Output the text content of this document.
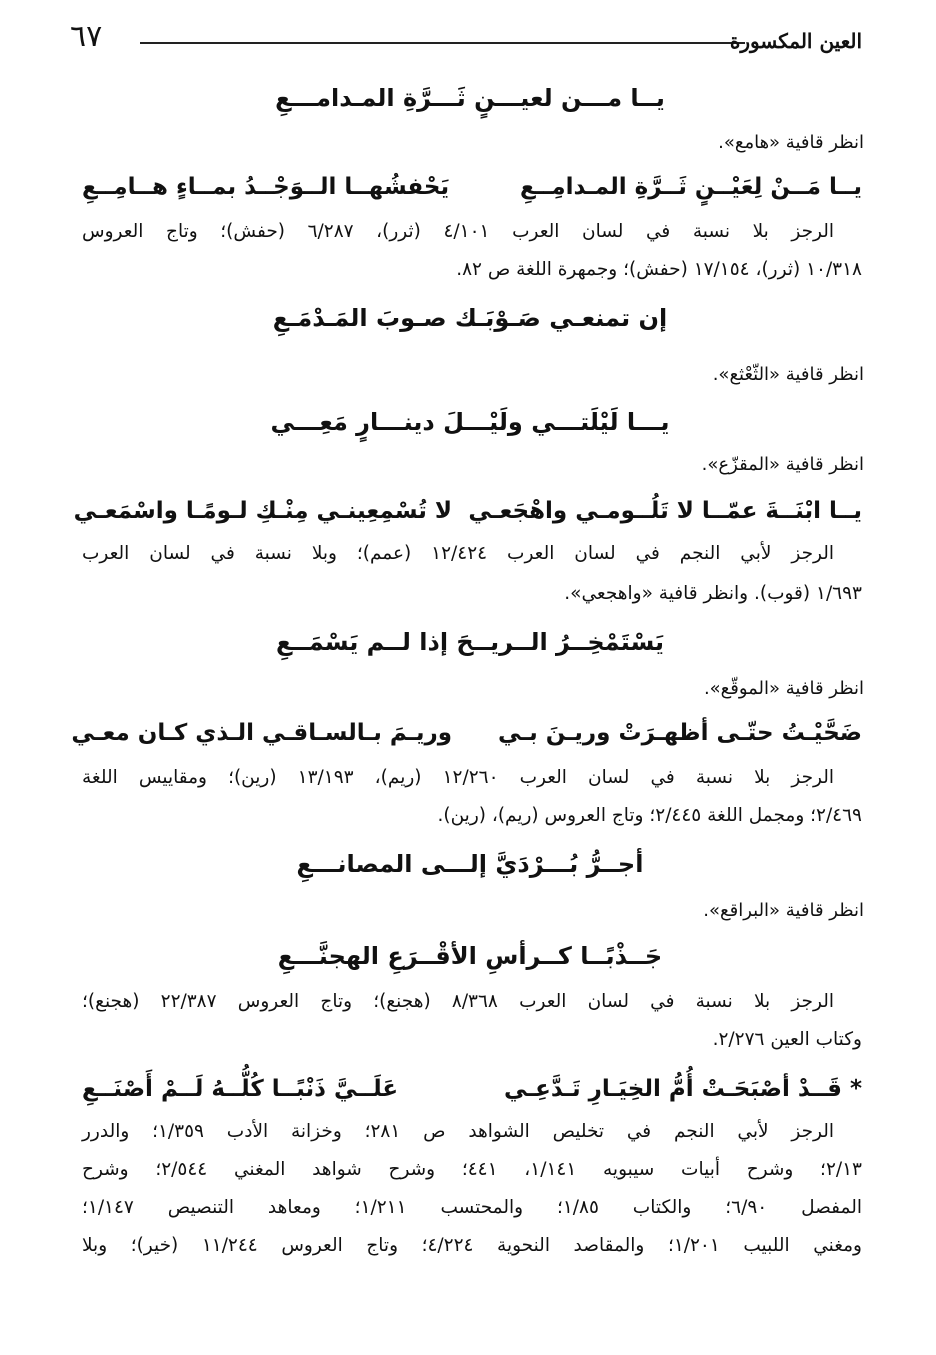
٦٧	العين المكسورة
يــا مـــن لعيـــنٍ ثَـــرَّةِ المـدامـــعِ
انظر قافية «هامع».
يــا مَــنْ لِعَيْــنٍ ثَــرَّةِ المـدامِــعِ
يَحْفشُهــا الــوَجْــدُ بمــاءٍ هــامِــعِ
الرجز بلا نسبة في لسان العرب ٤/١٠١ (ثرر)، ٦/٢٨٧ (حفش)؛ وتاج العروس
١٠/٣١٨ (ثرر)، ١٧/١٥٤ (حفش)؛ وجمهرة اللغة ص ٨٢.
إن تمنعـي صَـوْبَـك صـوبَ المَـدْمَـعِ
انظر قافية «الثّعْثع».
يـــا لَيْلَتـــي ولَيْـــلَ دينـــارٍ مَعِـــي
انظر قافية «المقزّع».
يــا ابْنَــةَ عمّــا لا تَلُــومـي واهْجَعـي
لا تُسْمِعِينـي مِنْـكِ لـومًـا واسْمَعـي
الرجز لأبي النجم في لسان العرب ١٢/٤٢٤ (عمم)؛ وبلا نسبة في لسان العرب
١/٦٩٣ (قوب). وانظر قافية «واهجعي».
يَسْتَمْخِــرُ الــريــحَ إذا لــم يَسْمَــعِ
انظر قافية «الموقّع».
ضَحَّيْـتُ حتّـى أظهـرَتْ وريـنَ بـي
وريـمَ بـالسـاقـي الـذي كـان معـي
الرجز بلا نسبة في لسان العرب ١٢/٢٦٠ (ريم)، ١٣/١٩٣ (رين)؛ ومقاييس اللغة
٢/٤٦٩؛ ومجمل اللغة ٢/٤٤٥؛ وتاج العروس (ريم)، (رين).
أجــرُّ بُـــرْدَيَّ إلـــى المصانـــعِ
انظر قافية «البراقع».
جَــذْبًــا كــرأسِ الأقْــرَعِ الهجنَّـــعِ
الرجز بلا نسبة في لسان العرب ٨/٣٦٨ (هجنع)؛ وتاج العروس ٢٢/٣٨٧ (هجنع)؛
وكتاب العين ٢/٢٧٦.
* قَــدْ أصْبَحَـتْ أُمُّ الخِيَـارِ تَـدَّعِـي
عَلَــيَّ ذَنْبًــا كُلُّــهُ لَــمْ أَصْنَــعِ
الرجز لأبي النجم في تخليص الشواهد ص ٢٨١؛ وخزانة الأدب ١/٣٥٩؛ والدرر
٢/١٣؛ وشرح أبيات سيبويه ١/١٤١، ٤٤١؛ وشرح شواهد المغني ٢/٥٤٤؛ وشرح
المفصل ٦/٩٠؛ والكتاب ١/٨٥؛ والمحتسب ١/٢١١؛ ومعاهد التنصيص ١/١٤٧؛
ومغني اللبيب ١/٢٠١؛ والمقاصد النحوية ٤/٢٢٤؛ وتاج العروس ١١/٢٤٤ (خير)؛ وبلا
